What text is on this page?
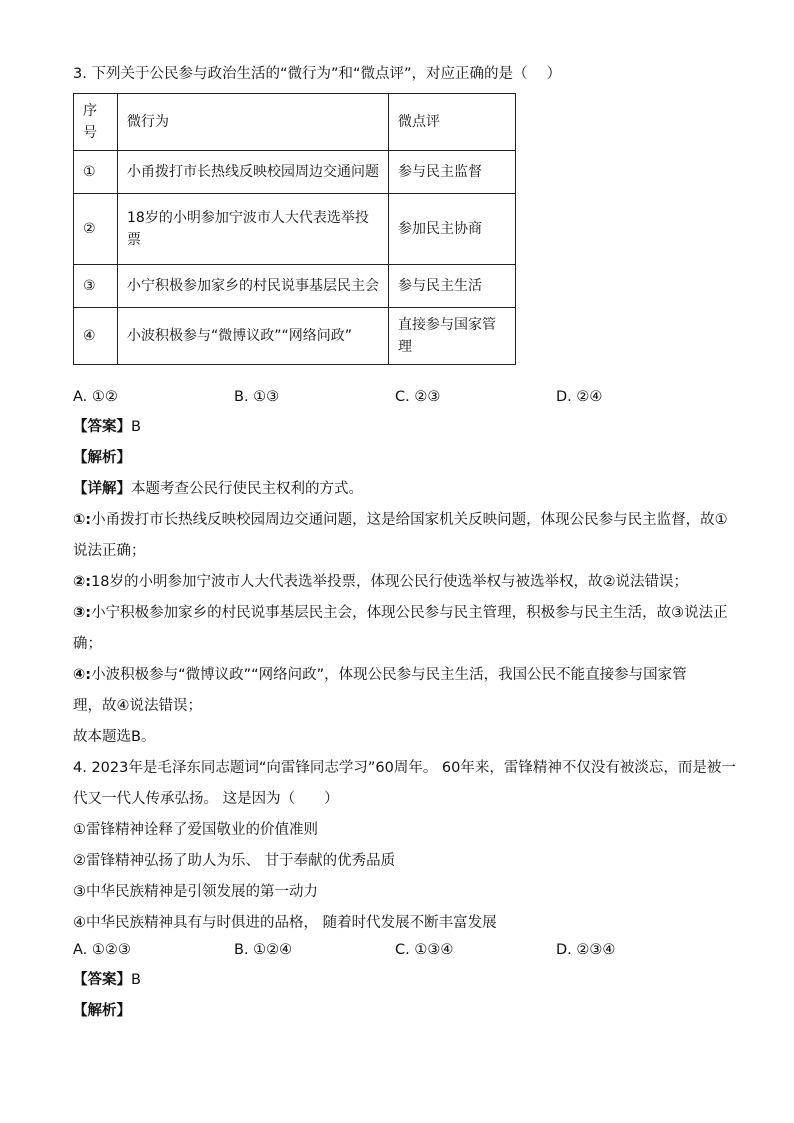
3. 下列关于公民参与政治生活的“微行为”和“微点评”，对应正确的是（　 ）
序号	微行为	微点评
①	小甬拨打市长热线反映校园周边交通问题	参与民主监督
②	18岁的小明参加宁波市人大代表选举投票	参加民主协商
③	小宁积极参加家乡的村民说事基层民主会	参与民主生活
④	小波积极参与“微博议政”“网络问政”	直接参与国家管理
A. ①②	B. ①③	C. ②③	D. ②④
【答案】B
【解析】
【详解】本题考查公民行使民主权利的方式。
①:小甬拨打市长热线反映校园周边交通问题，这是给国家机关反映问题，体现公民参与民主监督，故①
说法正确；
②:18岁的小明参加宁波市人大代表选举投票，体现公民行使选举权与被选举权，故②说法错误；
③:小宁积极参加家乡的村民说事基层民主会，体现公民参与民主管理，积极参与民主生活，故③说法正
确；
④:小波积极参与“微博议政”“网络问政”，体现公民参与民主生活，我国公民不能直接参与国家管
理，故④说法错误；
故本题选B。
4. 2023年是毛泽东同志题词“向雷锋同志学习”60周年。 60年来，雷锋精神不仅没有被淡忘，而是被一
代又一代人传承弘扬。 这是因为（　　）
①雷锋精神诠释了爱国敬业的价值准则
②雷锋精神弘扬了助人为乐、 甘于奉献的优秀品质
③中华民族精神是引领发展的第一动力
④中华民族精神具有与时俱进的品格， 随着时代发展不断丰富发展
A. ①②③	B. ①②④	C. ①③④	D. ②③④
【答案】B
【解析】
